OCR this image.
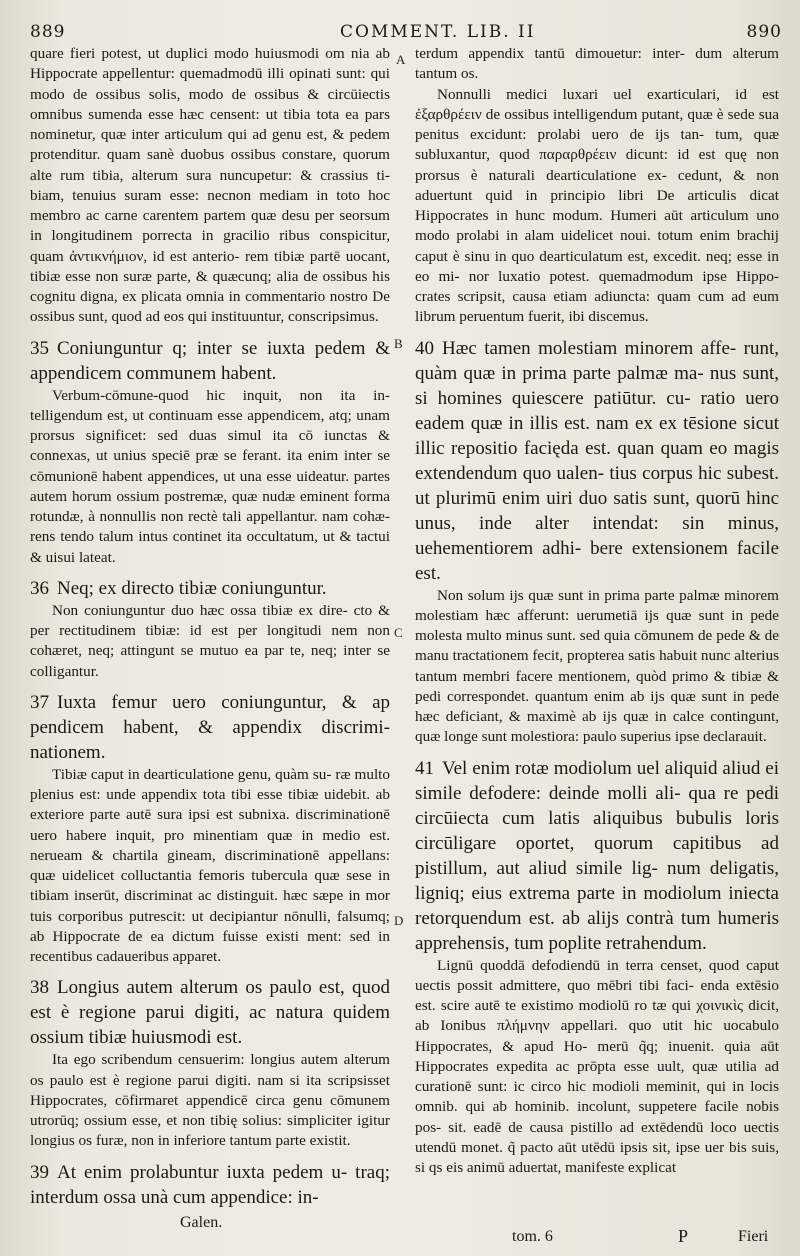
889	COMMENT. LIB. II	890
A
B
C
D

quare fieri potest, ut duplici modo huiusmodi om nia ab Hippocrate appellentur: quemadmodū illi opinati sunt: qui modo de ossibus solis, modo de ossibus & circūiectis omnibus sumenda esse hæc censent: ut tibia tota ea pars nominetur, quæ inter articulum qui ad genu est, & pedem protenditur. quam sanè duobus ossibus constare, quorum alte rum tibia, alterum sura nuncupetur: & crassius ti- biam, tenuius suram esse: necnon mediam in toto hoc membro ac carne carentem partem quæ desu per seorsum in longitudinem porrecta in gracilio ribus conspicitur, quam ἀντικνήμιον, id est anterio- rem tibiæ partē uocant, tibiæ esse non suræ parte, & quæcunq; alia de ossibus his cognitu digna, ex plicata omnia in commentario nostro De ossibus sunt, quod ad eos qui instituuntur, conscripsimus.

35 Coniunguntur q; inter se iuxta pedem & appendicem communem habent.

Verbum-cōmune-quod hic inquit, non ita in- telligendum est, ut continuam esse appendicem, atq; unam prorsus significet: sed duas simul ita cō iunctas & connexas, ut unius speciē præ se ferant. ita enim inter se cōmunionē habent appendices, ut una esse uideatur. partes autem horum ossium postremæ, quæ nudæ eminent forma rotundæ, à nonnullis non rectè tali appellantur. nam cohæ- rens tendo talum intus continet ita occultatum, ut & tactui & uisui lateat.

36 Neq; ex directo tibiæ coniunguntur.

Non coniunguntur duo hæc ossa tibiæ ex dire- cto & per rectitudinem tibiæ: id est per longitudi nem non cohæret, neq; attingunt se mutuo ea par te, neq; inter se colligantur.

37 Iuxta femur uero coniunguntur, & ap pendicem habent, & appendix discrimi- nationem.

Tibiæ caput in dearticulatione genu, quàm su- ræ multo plenius est: unde appendix tota tibi esse tibiæ uidebit. ab exteriore parte autē sura ipsi est subnixa. discriminationē uero habere inquit, pro minentiam quæ in medio est. nerueam & chartila gineam, discriminationē appellans: quæ uidelicet colluctantia femoris tubercula quæ sese in tibiam inserūt, discriminat ac distinguit. hæc sæpe in mor tuis corporibus putrescit: ut decipiantur nōnulli, falsumq; ab Hippocrate de ea dictum fuisse existi ment: sed in recentibus cadaueribus apparet.

38 Longius autem alterum os paulo est, quod est è regione parui digiti, ac natura quidem ossium tibiæ huiusmodi est.

Ita ego scribendum censuerim: longius autem alterum os paulo est è regione parui digiti. nam si ita scripsisset Hippocrates, cōfirmaret appendicē circa genu cōmunem utrorūq; ossium esse, et non tibię solius: simpliciter igitur longius os furæ, non in inferiore tantum parte existit.

39 At enim prolabuntur iuxta pedem u- traq; interdum ossa unà cum appendice: in-

terdum appendix tantū dimouetur: inter- dum alterum tantum os.

Nonnulli medici luxari uel exarticulari, id est ἐξαρθρέειν de ossibus intelligendum putant, quæ è sede sua penitus excidunt: prolabi uero de ijs tan- tum, quæ subluxantur, quod παραρθρέειν dicunt: id est quę non prorsus è naturali dearticulatione ex- cedunt, & non aduertunt quid in principio libri De articulis dicat Hippocrates in hunc modum. Humeri aūt articulum uno modo prolabi in alam uidelicet noui. totum enim brachij caput è sinu in quo dearticulatum est, excedit. neq; esse in eo mi- nor luxatio potest. quemadmodum ipse Hippo- crates scripsit, causa etiam adiuncta: quam cum ad eum librum peruentum fuerit, ibi discemus.

40 Hæc tamen molestiam minorem affe- runt, quàm quæ in prima parte palmæ ma- nus sunt, si homines quiescere patiūtur. cu- ratio uero eadem quæ in illis est. nam ex ex tēsione sicut illic repositio facięda est. quan quam eo magis extendendum quo ualen- tius corpus hic subest. ut plurimū enim uiri duo satis sunt, quorū hinc unus, inde alter intendat: sin minus, uehementiorem adhi- bere extensionem facile est.

Non solum ijs quæ sunt in prima parte palmæ minorem molestiam hæc afferunt: uerumetiā ijs quæ sunt in pede molesta multo minus sunt. sed quia cōmunem de pede & de manu tractationem fecit, propterea satis habuit nunc alterius tantum membri facere mentionem, quòd primo & tibiæ & pedi correspondet. quantum enim ab ijs quæ sunt in pede hæc deficiant, & maximè ab ijs quæ in calce contingunt, quæ longe sunt molestiora: paulo superius ipse declarauit.

41 Vel enim rotæ modiolum uel aliquid aliud ei simile defodere: deinde molli ali- qua re pedi circūiecta cum latis aliquibus bubulis loris circūligare oportet, quorum capitibus ad pistillum, aut aliud simile lig- num deligatis, ligniq; eius extrema parte in modiolum iniecta retorquendum est. ab alijs contrà tum humeris apprehensis, tum poplite retrahendum.

Lignū quoddā defodiendū in terra censet, quod caput uectis possit admittere, quo mēbri tibi faci- enda extēsio est. scire autē te existimo modiolū ro tæ qui χοινικὶς dicit, ab Ionibus πλήμνην appellari. quo utit hic uocabulo Hippocrates, & apud Ho- merū q̃q; inuenit. quia aūt Hippocrates expedita ac prōpta esse uult, quæ utilia ad curationē sunt: ic circo hic modioli meminit, qui in locis omnib. qui ab hominib. incolunt, suppetere facile nobis pos- sit. eadē de causa pistillo ad extēdendū loco uectis utendū monet. q̃ pacto aūt utēdū ipsis sit, ipse uer bis suis, si qs eis animū aduertat, manifeste explicat

Galen.
tom. 6	P	Fieri
